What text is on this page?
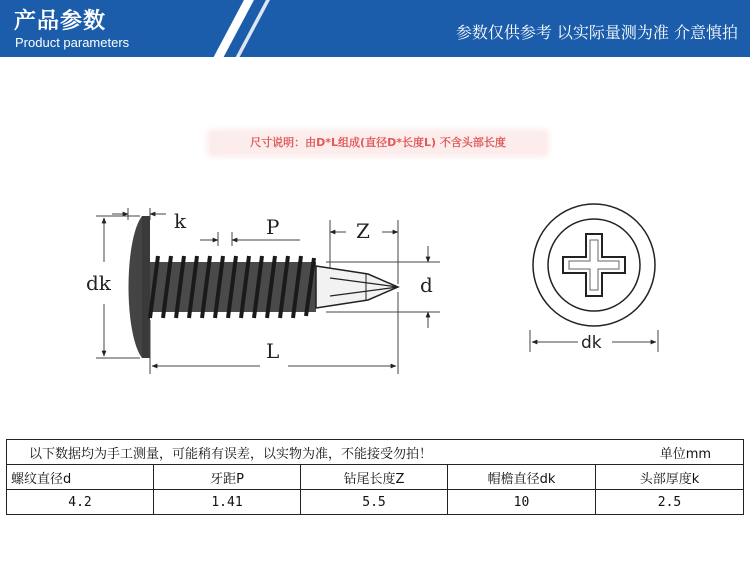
产品参数
Product parameters
参数仅供参考 以实际量测为准 介意慎拍
尺寸说明：由D*L组成(直径D*长度L) 不含头部长度
k	P	Z
dk	d
L	dk
以下数据均为手工测量，可能稍有误差，以实物为准，不能接受勿拍！ 单位mm				

螺纹直径d	牙距P	钻尾长度Z	帽檐直径dk	头部厚度k
4.2	1.41	5.5	10	2.5
